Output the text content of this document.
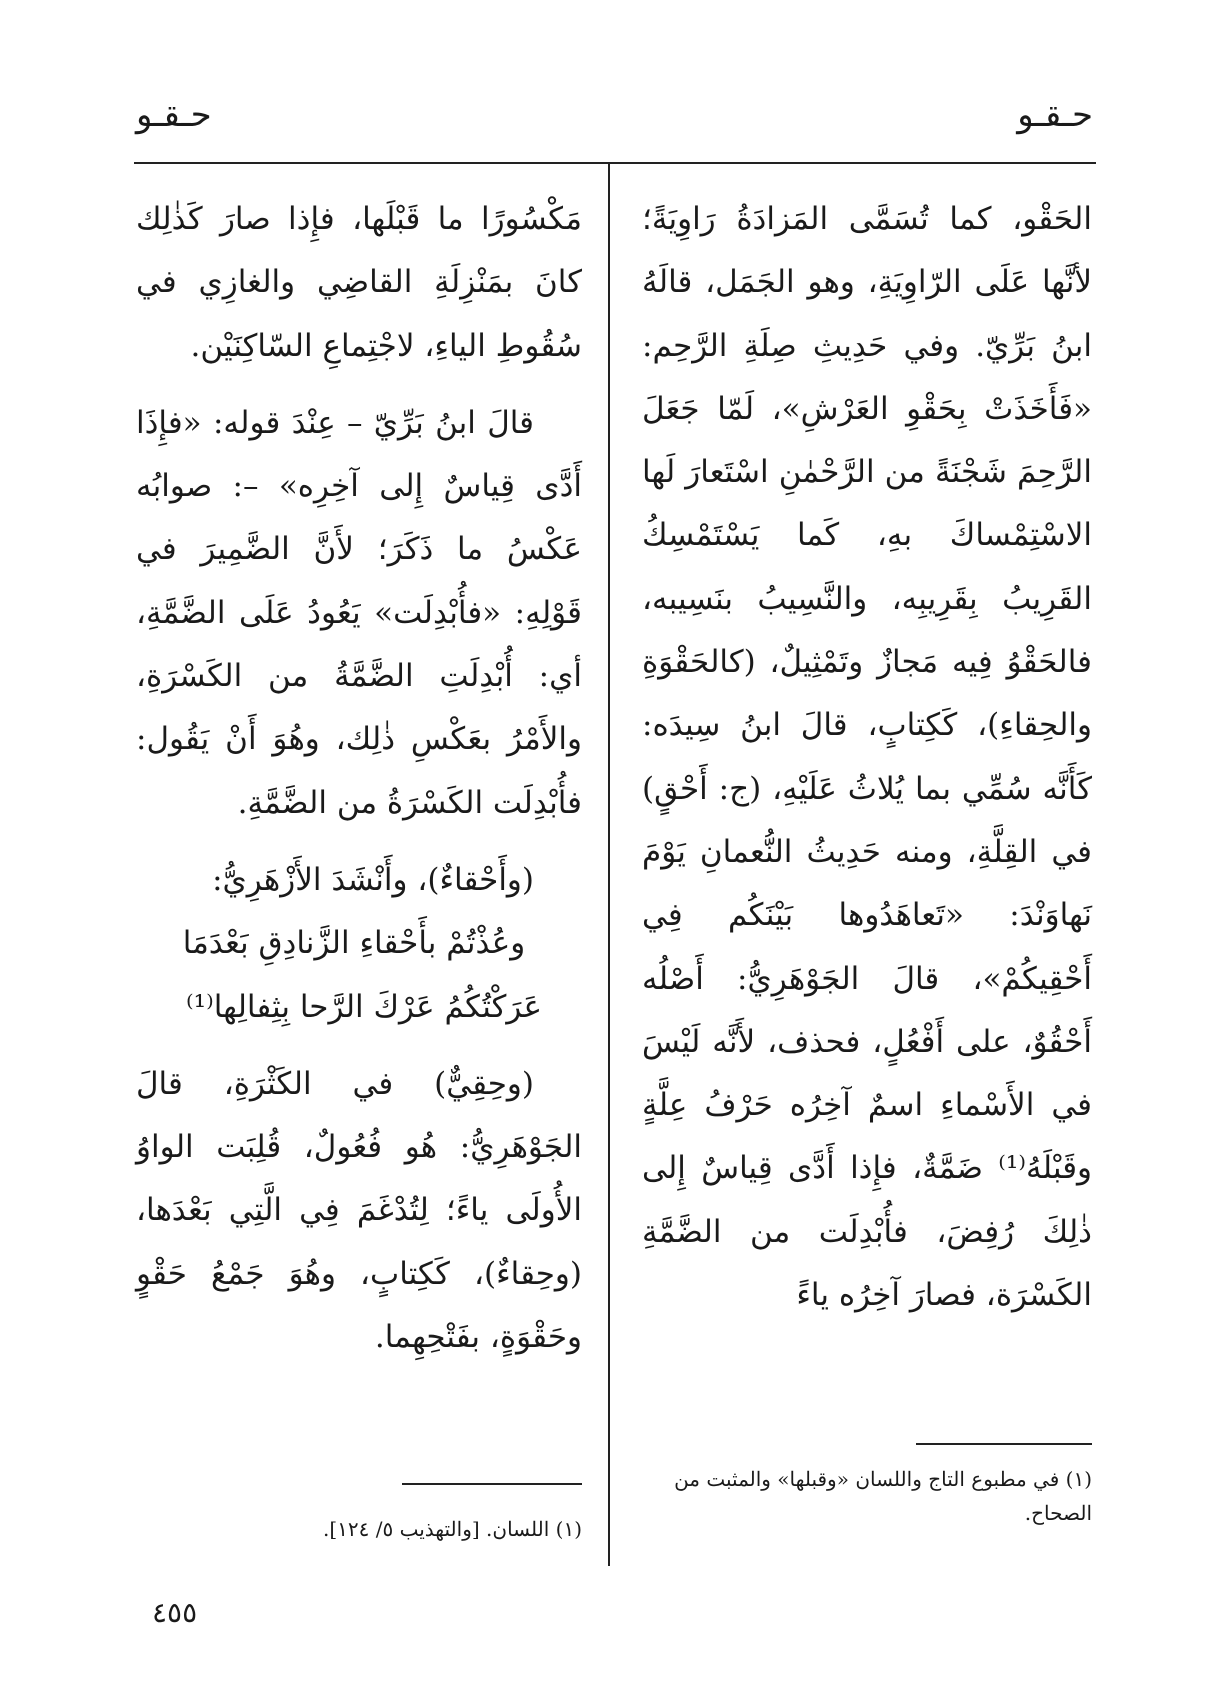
حـقـو
حـقـو

الحَقْو، كما تُسَمَّى المَزادَةُ رَاوِيَةً؛ لأنَّها عَلَى الرّاوِيَةِ، وهو الجَمَل، قالَهُ ابنُ بَرِّيّ. وفي حَدِيثِ صِلَةِ الرَّحِم: «فَأَخَذَتْ بِحَقْوِ العَرْشِ»، لَمّا جَعَلَ الرَّحِمَ شَجْنَةً من الرَّحْمٰنِ اسْتَعارَ لَها الاسْتِمْساكَ بهِ، كَما يَسْتَمْسِكُ القَرِيبُ بِقَرِيبِه، والنَّسِيبُ بنَسِيبه، فالحَقْوُ فِيه مَجازٌ وتَمْثِيلٌ، (كالحَقْوَةِ والحِقاءِ)، كَكِتابٍ، قالَ ابنُ سِيدَه: كَأَنَّه سُمِّي بما يُلاثُ عَلَيْهِ، (ج: أَحْقٍ) في القِلَّةِ، ومنه حَدِيثُ النُّعمانِ يَوْمَ نَهاوَنْدَ: «تَعاهَدُوها بَيْنَكُم فِي أَحْقِيكُمْ»، قالَ الجَوْهَرِيُّ: أَصْلُه أَحْقُوٌ، على أَفْعُلٍ، فحذف، لأَنَّه لَيْسَ في الأَسْماءِ اسمٌ آخِرُه حَرْفُ عِلَّةٍ وقَبْلَهُ⁽¹⁾ ضَمَّةٌ، فإِذا أَدَّى قِياسٌ إِلى ذٰلِكَ رُفِضَ، فأُبْدِلَت من الضَّمَّةِ الكَسْرَة، فصارَ آخِرُه ياءً

مَكْسُورًا ما قَبْلَها، فإِذا صارَ كَذٰلِك كانَ بمَنْزِلَةِ القاضِي والغازِي في سُقُوطِ الياءِ، لاجْتِماعِ السّاكِنَيْن.

قالَ ابنُ بَرِّيّ – عِنْدَ قوله: «فإِذَا أَدَّى قِياسٌ إِلى آخِرِه» –: صوابُه عَكْسُ ما ذَكَرَ؛ لأَنَّ الضَّمِيرَ في قَوْلِهِ: «فأُبْدِلَت» يَعُودُ عَلَى الضَّمَّةِ، أي: أُبْدِلَتِ الضَّمَّةُ من الكَسْرَةِ، والأَمْرُ بعَكْسِ ذٰلِك، وهُوَ أَنْ يَقُول: فأُبْدِلَت الكَسْرَةُ من الضَّمَّةِ.

(وأَحْقاءٌ)، وأَنْشَدَ الأَزْهَرِيُّ:

وعُذْتُمْ بأَحْقاءِ الزَّنادِقِ بَعْدَمَا

عَرَكْتُكُمُ عَرْكَ الرَّحا بِثِفالِها⁽¹⁾

(وحِقِيٌّ) في الكَثْرَةِ، قالَ الجَوْهَرِيُّ: هُو فُعُولٌ، قُلِبَت الواوُ الأُولَى ياءً؛ لِتُدْغَمَ فِي الَّتِي بَعْدَها، (وحِقاءٌ)، كَكِتابٍ، وهُوَ جَمْعُ حَقْوٍ وحَقْوَةٍ، بفَتْحِهِما.

(١) في مطبوع التاج واللسان «وقبلها» والمثبت من الصحاح.
(١) اللسان. [والتهذيب ٥/ ١٢٤].
٤٥٥
